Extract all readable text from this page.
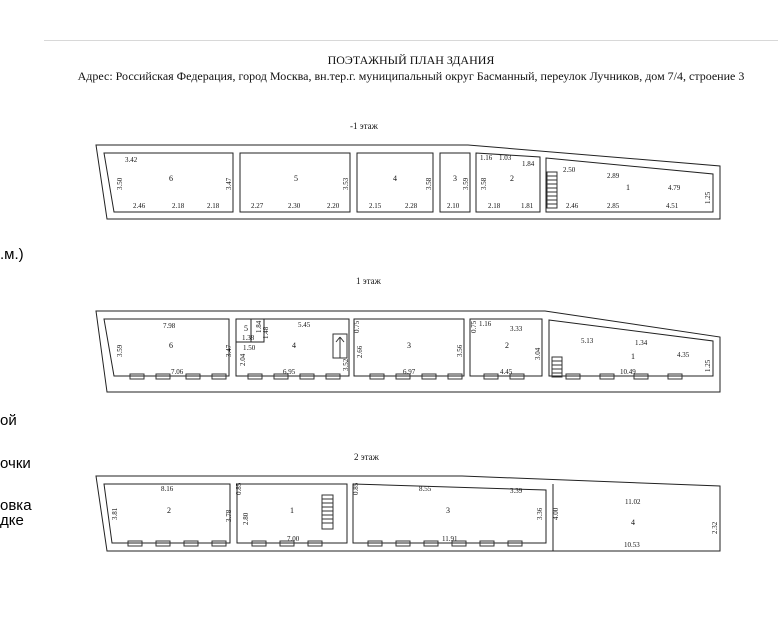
.м.)
ой
очки
овка
дке
ПОЭТАЖНЫЙ ПЛАН ЗДАНИЯ
Адрес: Российская Федерация, город Москва, вн.тер.г. муниципальный округ Басманный, переулок Лучников, дом 7/4, строение 3
-1 этаж
1 этаж
2 этаж
6	5	4	3	2
1
3.42
3.50
2.46	2.18	2.18
3.47
2.27	2.30	2.20
3.53
2.15	2.28
3.58
2.10
3.59 3.58
1.16 1.03
1.84
2.18	1.81
2.50
2.89
4.79
1.25
2.46	2.85	4.51
6
5
4	3	2
1
7.98
3.59	3.47
7.06
1.38
1.84 1.48
5.45
1.50
2.04
6.95
3.52
0.75
2.66
6.97
3.56
0.75 1.16
3.33
3.04
4.45
5.13	1.34
4.35
1.25
10.49
2	1	3
4
8.16
3.81	3.78
0.85
2.80
7.00
0.85	8.55	3.39
3.36 4.00
11.91
11.02
2.32
10.53
